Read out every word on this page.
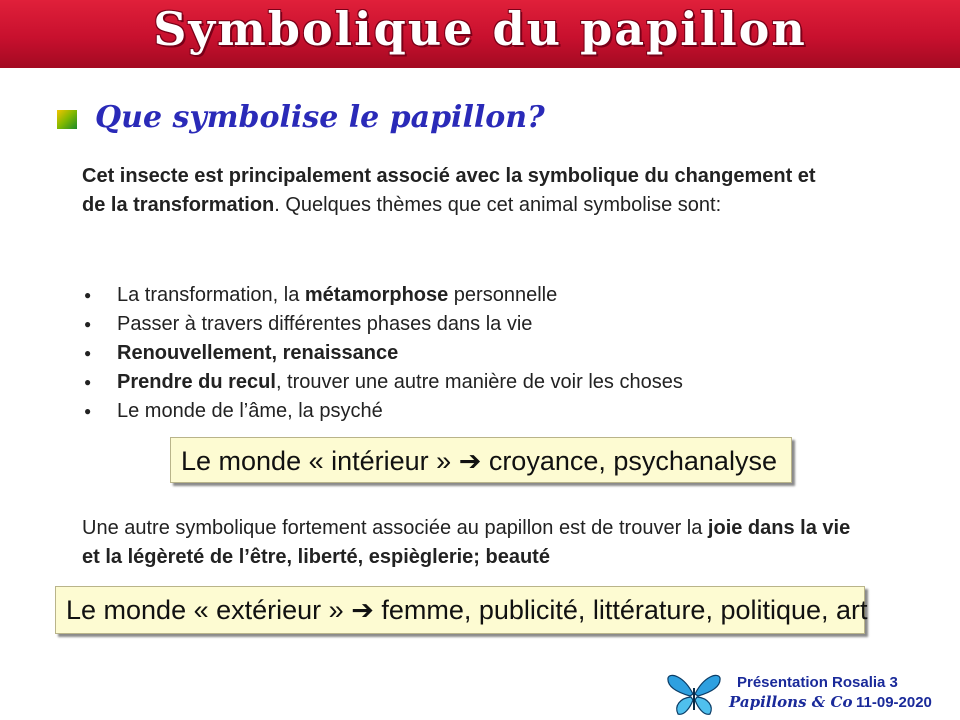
Symbolique du papillon
Que symbolise le papillon?
Cet insecte est principalement associé avec la symbolique du changement et de la transformation. Quelques thèmes que cet animal symbolise sont:
● La transformation, la métamorphose personnelle
● Passer à travers différentes phases dans la vie
● Renouvellement, renaissance
● Prendre du recul, trouver une autre manière de voir les choses
● Le monde de l’âme, la psyché
Le monde « intérieur » ➔ croyance, psychanalyse
Une autre symbolique fortement associée au papillon est de trouver la joie dans la vie et la légèreté de l’être, liberté, espièglerie; beauté
Le monde « extérieur » ➔ femme, publicité, littérature, politique, art
Présentation Rosalia 3
Papillons & Co 11-09-2020
